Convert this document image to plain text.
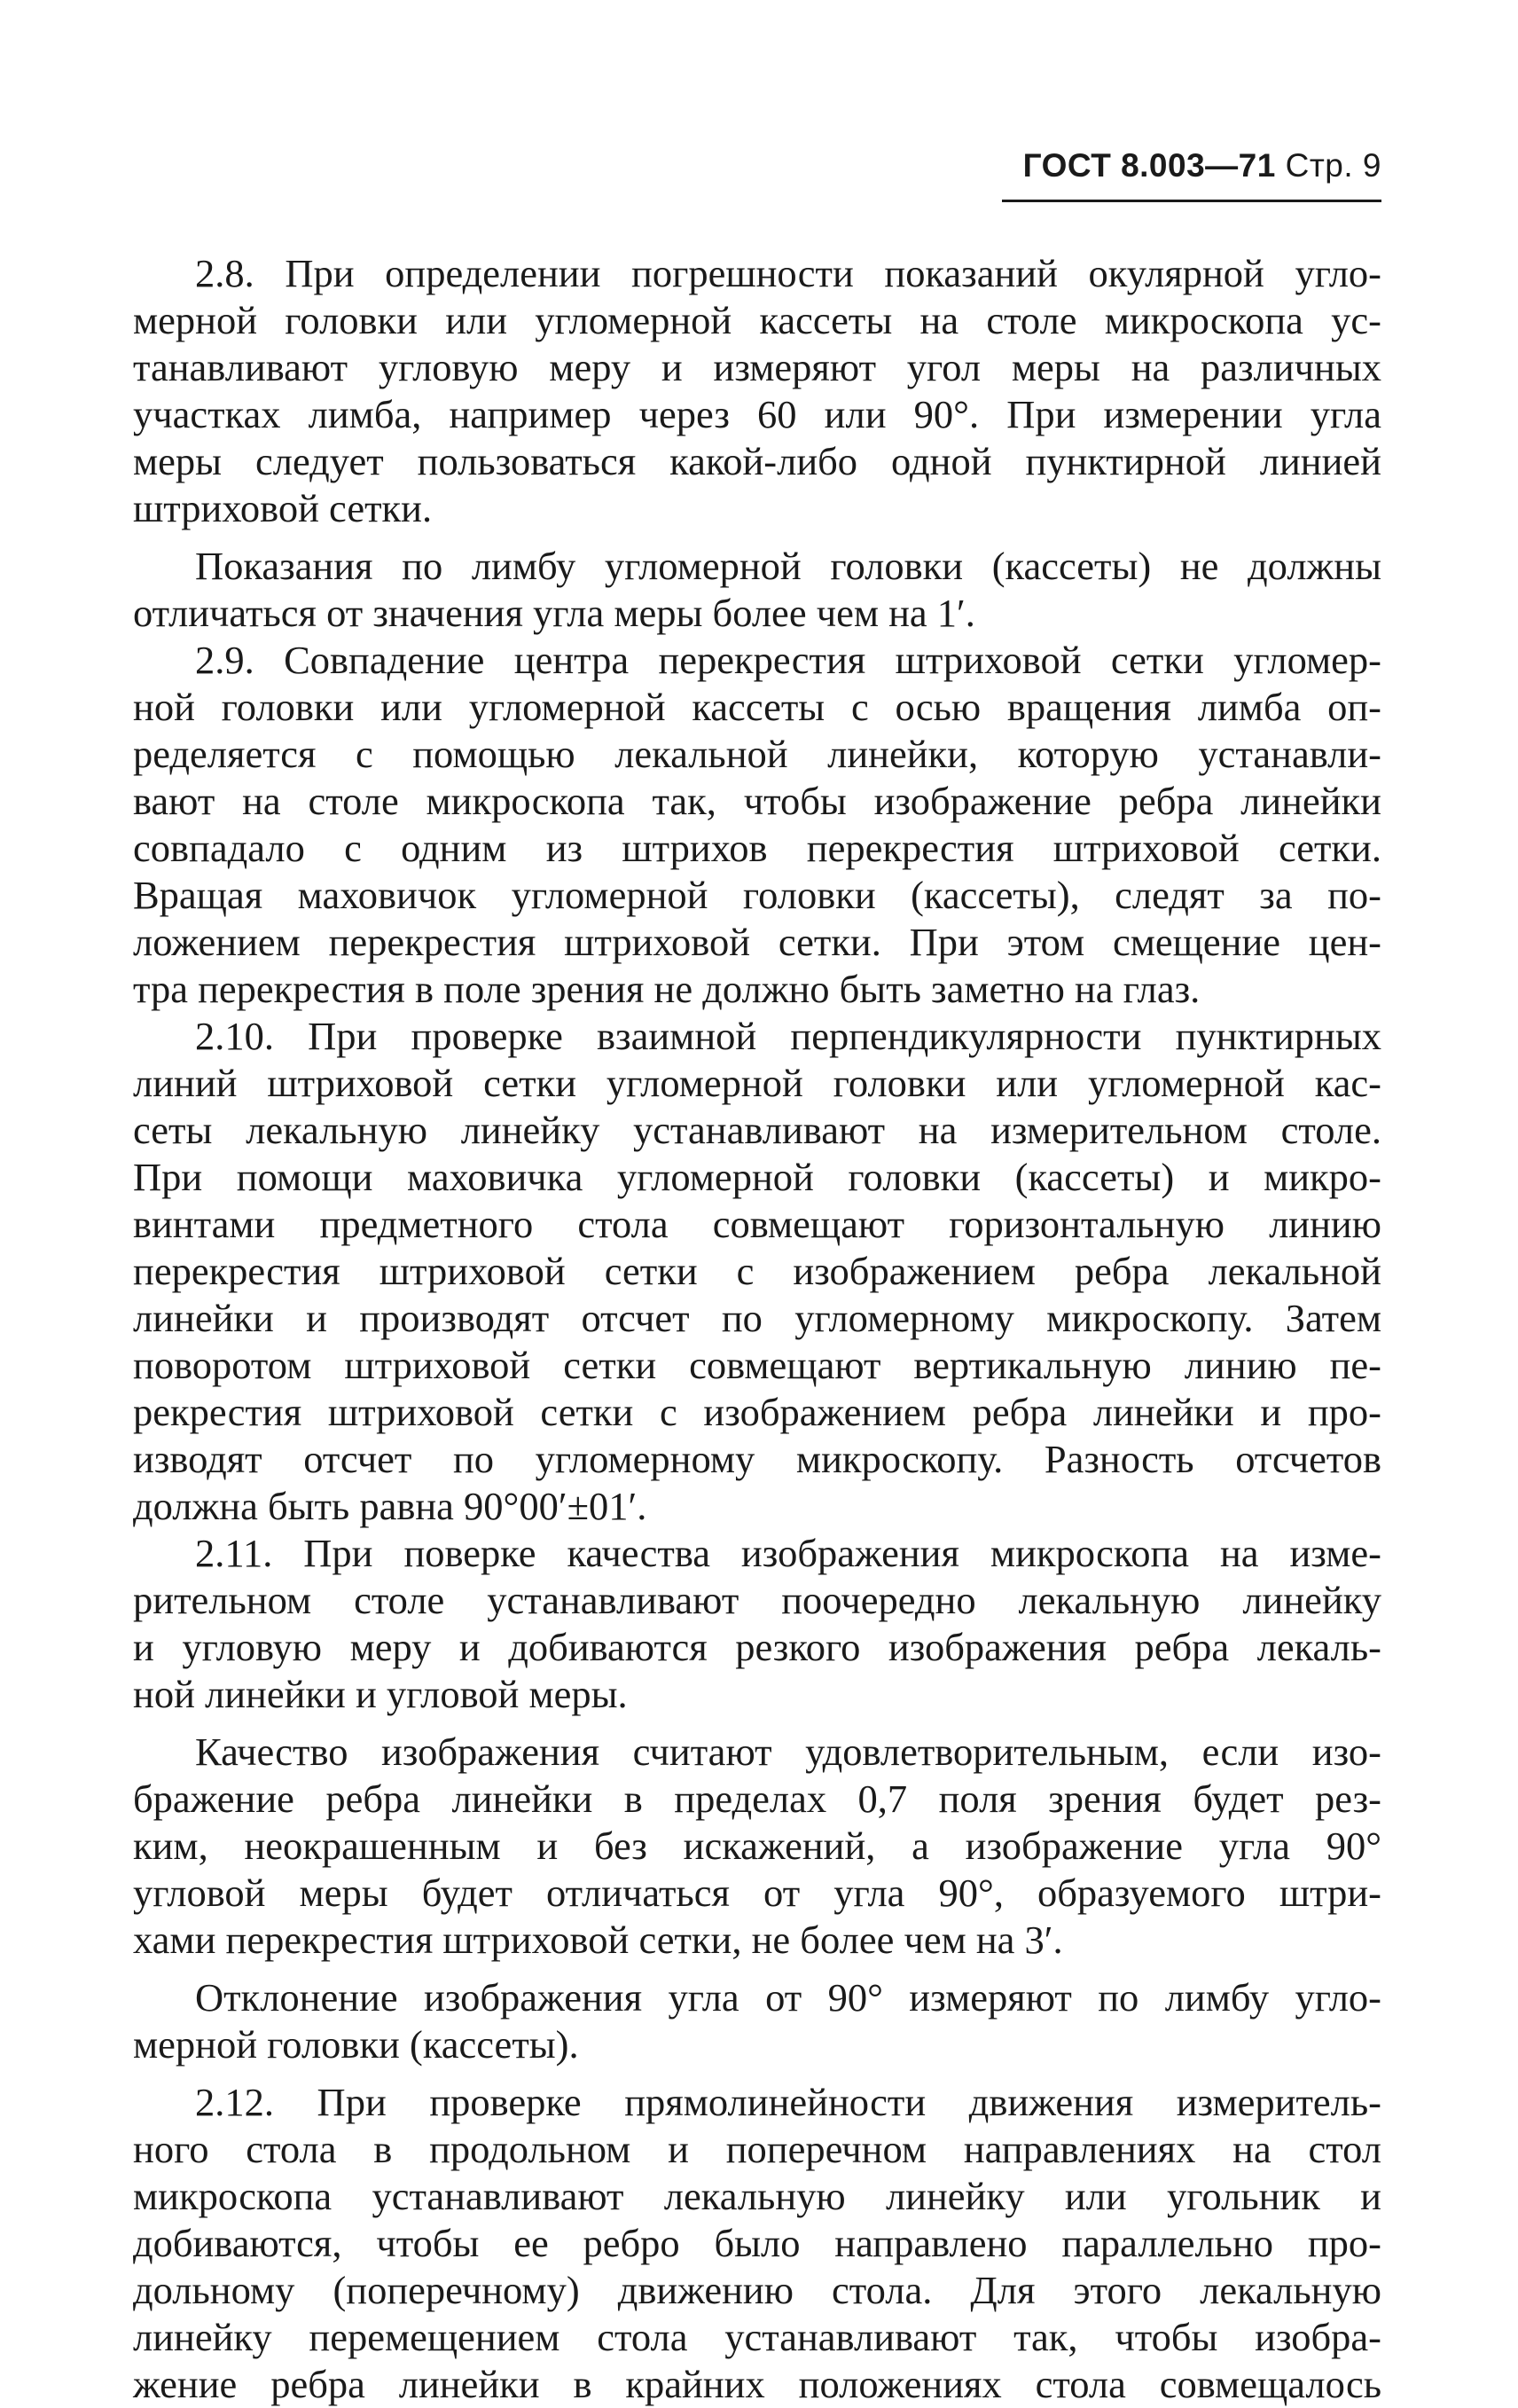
ГОСТ 8.003—71 Стр. 9

2.8. При определении погрешности показаний окулярной угло-
мерной головки или угломерной кассеты на столе микроскопа ус-
танавливают угловую меру и измеряют угол меры на различных
участках лимба, например через 60 или 90°. При измерении угла
меры следует пользоваться какой-либо одной пунктирной линией
штриховой сетки.

Показания по лимбу угломерной головки (кассеты) не должны
отличаться от значения угла меры более чем на 1′.

2.9. Совпадение центра перекрестия штриховой сетки угломер-
ной головки или угломерной кассеты с осью вращения лимба оп-
ределяется с помощью лекальной линейки, которую устанавли-
вают на столе микроскопа так, чтобы изображение ребра линейки
совпадало с одним из штрихов перекрестия штриховой сетки.
Вращая маховичок угломерной головки (кассеты), следят за по-
ложением перекрестия штриховой сетки. При этом смещение цен-
тра перекрестия в поле зрения не должно быть заметно на глаз.

2.10. При проверке взаимной перпендикулярности пунктирных
линий штриховой сетки угломерной головки или угломерной кас-
сеты лекальную линейку устанавливают на измерительном столе.
При помощи маховичка угломерной головки (кассеты) и микро-
винтами предметного стола совмещают горизонтальную линию
перекрестия штриховой сетки с изображением ребра лекальной
линейки и производят отсчет по угломерному микроскопу. Затем
поворотом штриховой сетки совмещают вертикальную линию пе-
рекрестия штриховой сетки с изображением ребра линейки и про-
изводят отсчет по угломерному микроскопу. Разность отсчетов
должна быть равна 90°00′±01′.

2.11. При поверке качества изображения микроскопа на изме-
рительном столе устанавливают поочередно лекальную линейку
и угловую меру и добиваются резкого изображения ребра лекаль-
ной линейки и угловой меры.

Качество изображения считают удовлетворительным, если изо-
бражение ребра линейки в пределах 0,7 поля зрения будет рез-
ким, неокрашенным и без искажений, а изображение угла 90°
угловой меры будет отличаться от угла 90°, образуемого штри-
хами перекрестия штриховой сетки, не более чем на 3′.

Отклонение изображения угла от 90° измеряют по лимбу угло-
мерной головки (кассеты).

2.12. При проверке прямолинейности движения измеритель-
ного стола в продольном и поперечном направлениях на стол
микроскопа устанавливают лекальную линейку или угольник и
добиваются, чтобы ее ребро было направлено параллельно про-
дольному (поперечному) движению стола. Для этого лекальную
линейку перемещением стола устанавливают так, чтобы изобра-
жение ребра линейки в крайних положениях стола совмещалось
